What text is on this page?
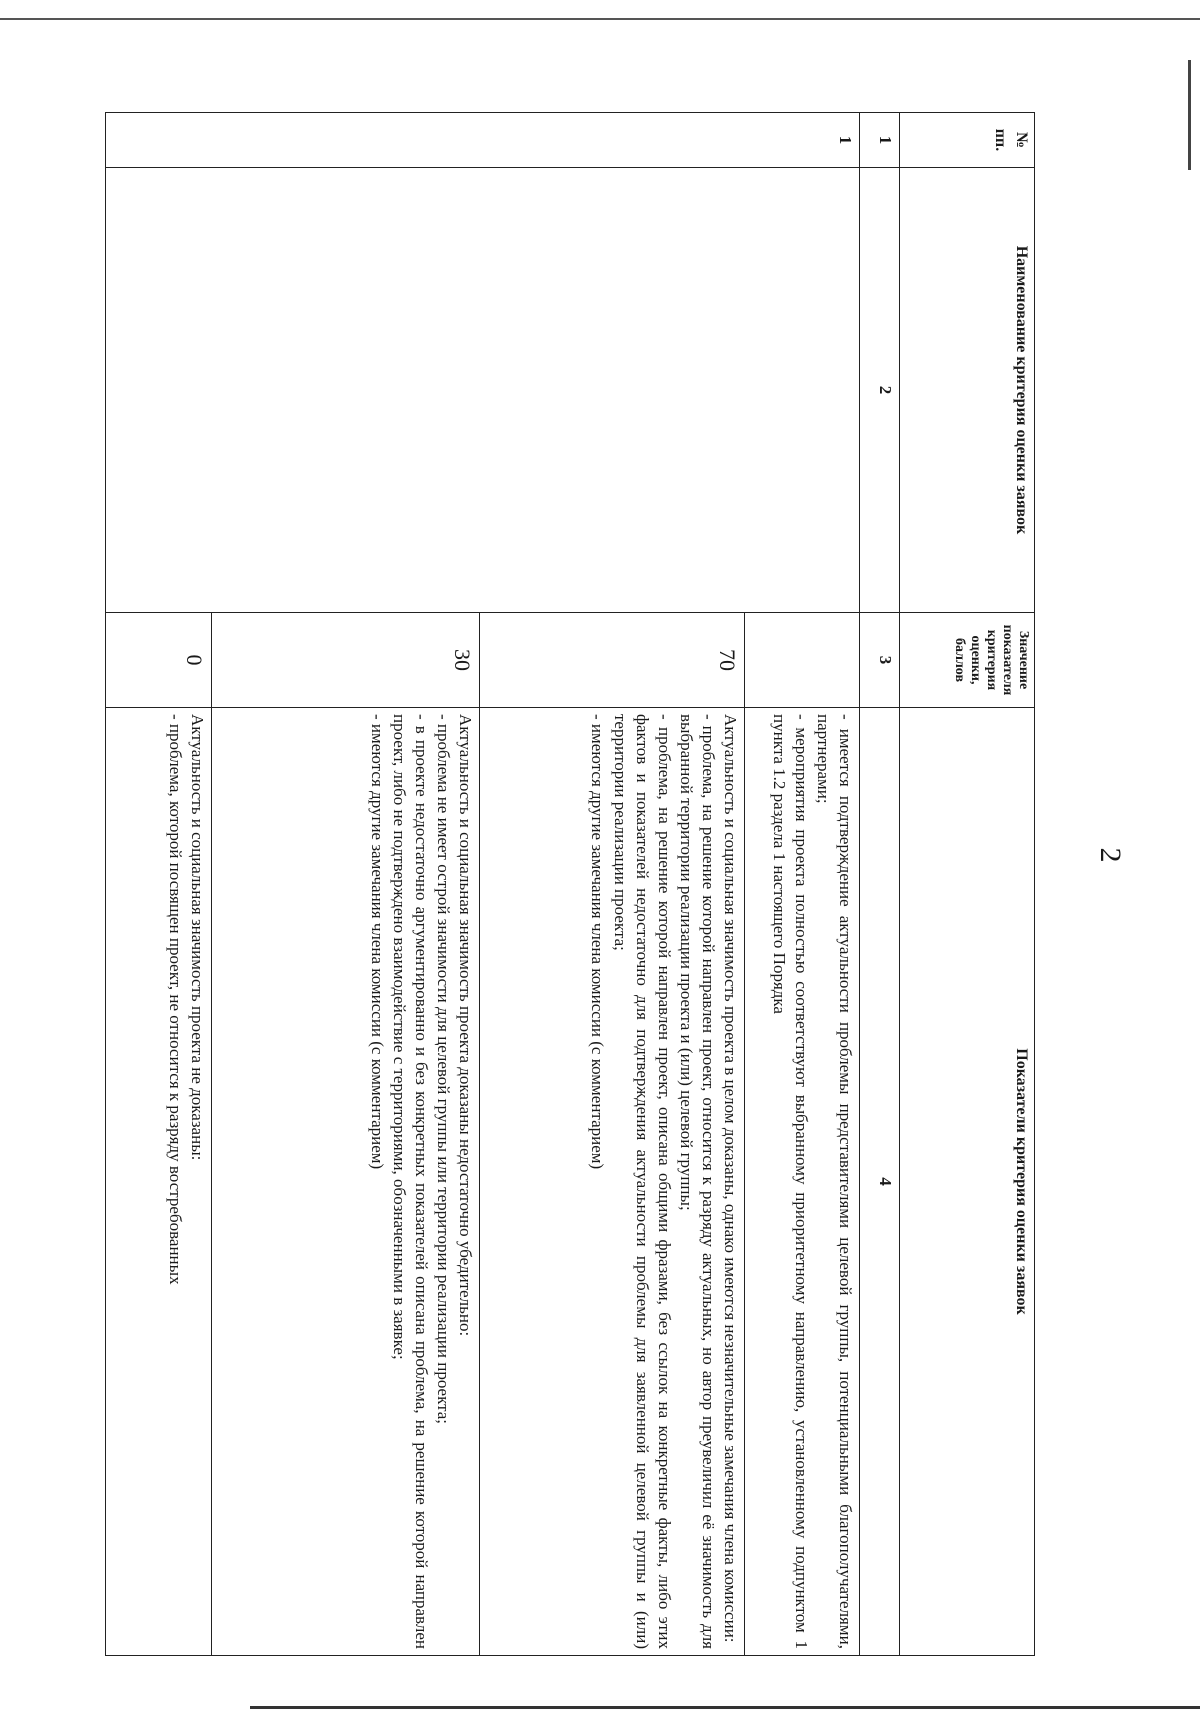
2
№ пп.	Наименование критерия оценки заявок	Значение показателя критерия оценки, баллов	Показатели критерия оценки заявок
1	2	3	4
1			- имеется подтверждение актуальности проблемы представителями целевой группы, потенциальными благополучателями, партнерами;

- мероприятия проекта полностью соответствуют выбранному приоритетному направлению, установленному подпунктом 1 пункта 1.2 раздела 1 настоящего Порядка

		70	Актуальность и социальная значимость проекта в целом доказаны, однако имеются незначительные замечания члена комиссии:

- проблема, на решение которой направлен проект, относится к разряду актуальных, но автор преувеличил её значимость для выбранной территории реализации проекта и (или) целевой группы;

- проблема, на решение которой направлен проект, описана общими фразами, без ссылок на конкретные факты, либо этих фактов и показателей недостаточно для подтверждения актуальности проблемы для заявленной целевой группы и (или) территории реализации проекта;

- имеются другие замечания члена комиссии (с комментарием)

		30	Актуальность и социальная значимость проекта доказаны недостаточно убедительно:

- проблема не имеет острой значимости для целевой группы или территории реализации проекта;

- в проекте недостаточно аргументированно и без конкретных показателей описана проблема, на решение которой направлен проект, либо не подтверждено взаимодействие с территориями, обозначенными в заявке;

- имеются другие замечания члена комиссии (с комментарием)

		0	Актуальность и социальная значимость проекта не доказаны:

- проблема, которой посвящен проект, не относится к разряду востребованных
